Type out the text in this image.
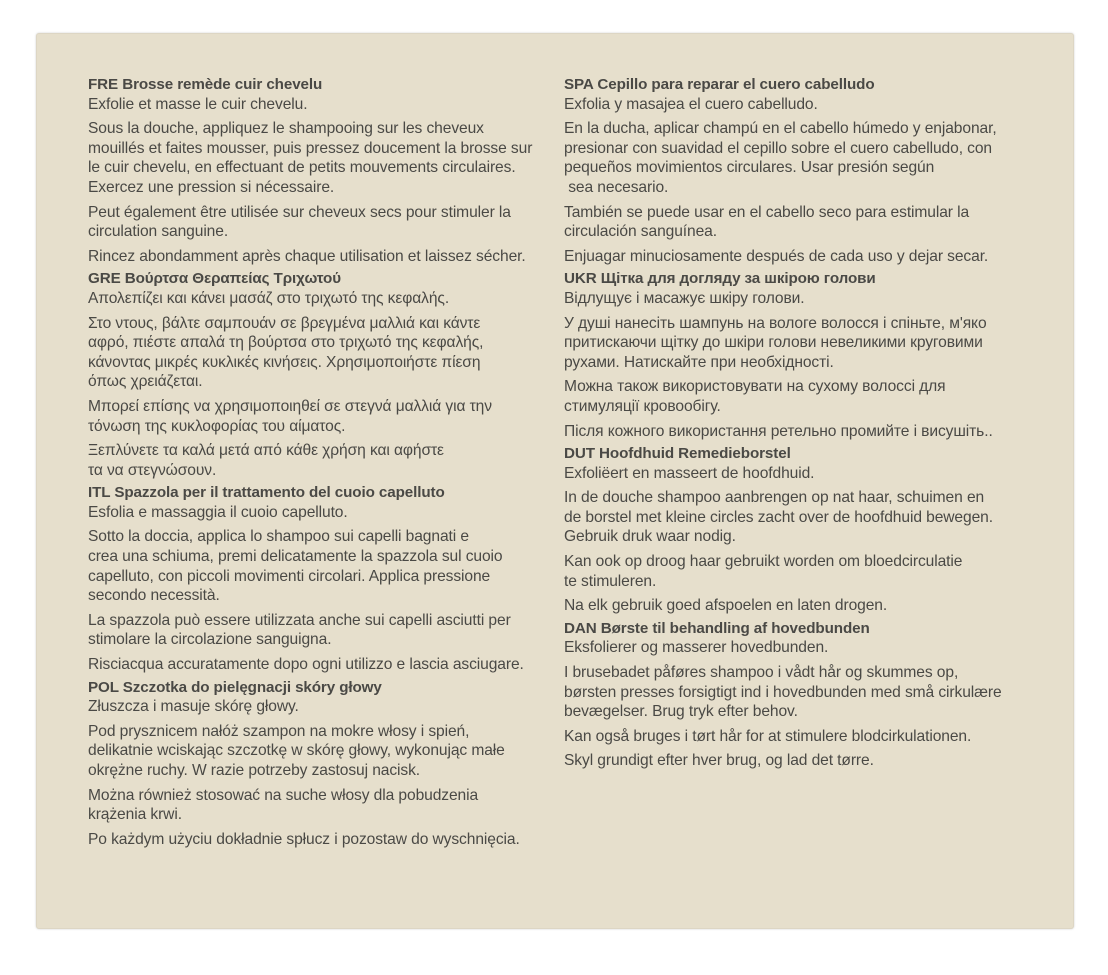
FRE Brosse remède cuir chevelu
Exfolie et masse le cuir chevelu.
Sous la douche, appliquez le shampooing sur les cheveux
mouillés et faites mousser, puis pressez doucement la brosse sur
le cuir chevelu, en effectuant de petits mouvements circulaires.
Exercez une pression si nécessaire.
Peut également être utilisée sur cheveux secs pour stimuler la
circulation sanguine.
Rincez abondamment après chaque utilisation et laissez sécher.
GRE Βούρτσα Θεραπείας Τριχωτού
Απολεπίζει και κάνει μασάζ στο τριχωτό της κεφαλής.
Στο ντους, βάλτε σαμπουάν σε βρεγμένα μαλλιά και κάντε
αφρό, πιέστε απαλά τη βούρτσα στο τριχωτό της κεφαλής,
κάνοντας μικρές κυκλικές κινήσεις. Χρησιμοποιήστε πίεση
όπως χρειάζεται.
Μπορεί επίσης να χρησιμοποιηθεί σε στεγνά μαλλιά για την
τόνωση της κυκλοφορίας του αίματος.
Ξεπλύνετε τα καλά μετά από κάθε χρήση και αφήστε
τα να στεγνώσουν.
ITL Spazzola per il trattamento del cuoio capelluto
Esfolia e massaggia il cuoio capelluto.
Sotto la doccia, applica lo shampoo sui capelli bagnati e
crea una schiuma, premi delicatamente la spazzola sul cuoio
capelluto, con piccoli movimenti circolari. Applica pressione
secondo necessità.
La spazzola può essere utilizzata anche sui capelli asciutti per
stimolare la circolazione sanguigna.
Risciacqua accuratamente dopo ogni utilizzo e lascia asciugare.
POL Szczotka do pielęgnacji skóry głowy
Złuszcza i masuje skórę głowy.
Pod prysznicem nałóż szampon na mokre włosy i spień,
delikatnie wciskając szczotkę w skórę głowy, wykonując małe
okrężne ruchy. W razie potrzeby zastosuj nacisk.
Można również stosować na suche włosy dla pobudzenia
krążenia krwi.
Po każdym użyciu dokładnie spłucz i pozostaw do wyschnięcia.
SPA Cepillo para reparar el cuero cabelludo
Exfolia y masajea el cuero cabelludo.
En la ducha, aplicar champú en el cabello húmedo y enjabonar,
presionar con suavidad el cepillo sobre el cuero cabelludo, con
pequeños movimientos circulares. Usar presión según
sea necesario.
También se puede usar en el cabello seco para estimular la
circulación sanguínea.
Enjuagar minuciosamente después de cada uso y dejar secar.
UKR Щітка для догляду за шкірою голови
Відлущує і масажує шкіру голови.
У душі нанесіть шампунь на вологе волосся і спіньте, м'яко
притискаючи щітку до шкіри голови невеликими круговими
рухами. Натискайте при необхідності.
Можна також використовувати на сухому волоссі для
стимуляції кровообігу.
Після кожного використання ретельно промийте і висушіть..
DUT Hoofdhuid Remedieborstel
Exfoliëert en masseert de hoofdhuid.
In de douche shampoo aanbrengen op nat haar, schuimen en
de borstel met kleine circles zacht over de hoofdhuid bewegen.
Gebruik druk waar nodig.
Kan ook op droog haar gebruikt worden om bloedcirculatie
te stimuleren.
Na elk gebruik goed afspoelen en laten drogen.
DAN Børste til behandling af hovedbunden
Eksfolierer og masserer hovedbunden.
I brusebadet påføres shampoo i vådt hår og skummes op,
børsten presses forsigtigt ind i hovedbunden med små cirkulære
bevægelser. Brug tryk efter behov.
Kan også bruges i tørt hår for at stimulere blodcirkulationen.
Skyl grundigt efter hver brug, og lad det tørre.
